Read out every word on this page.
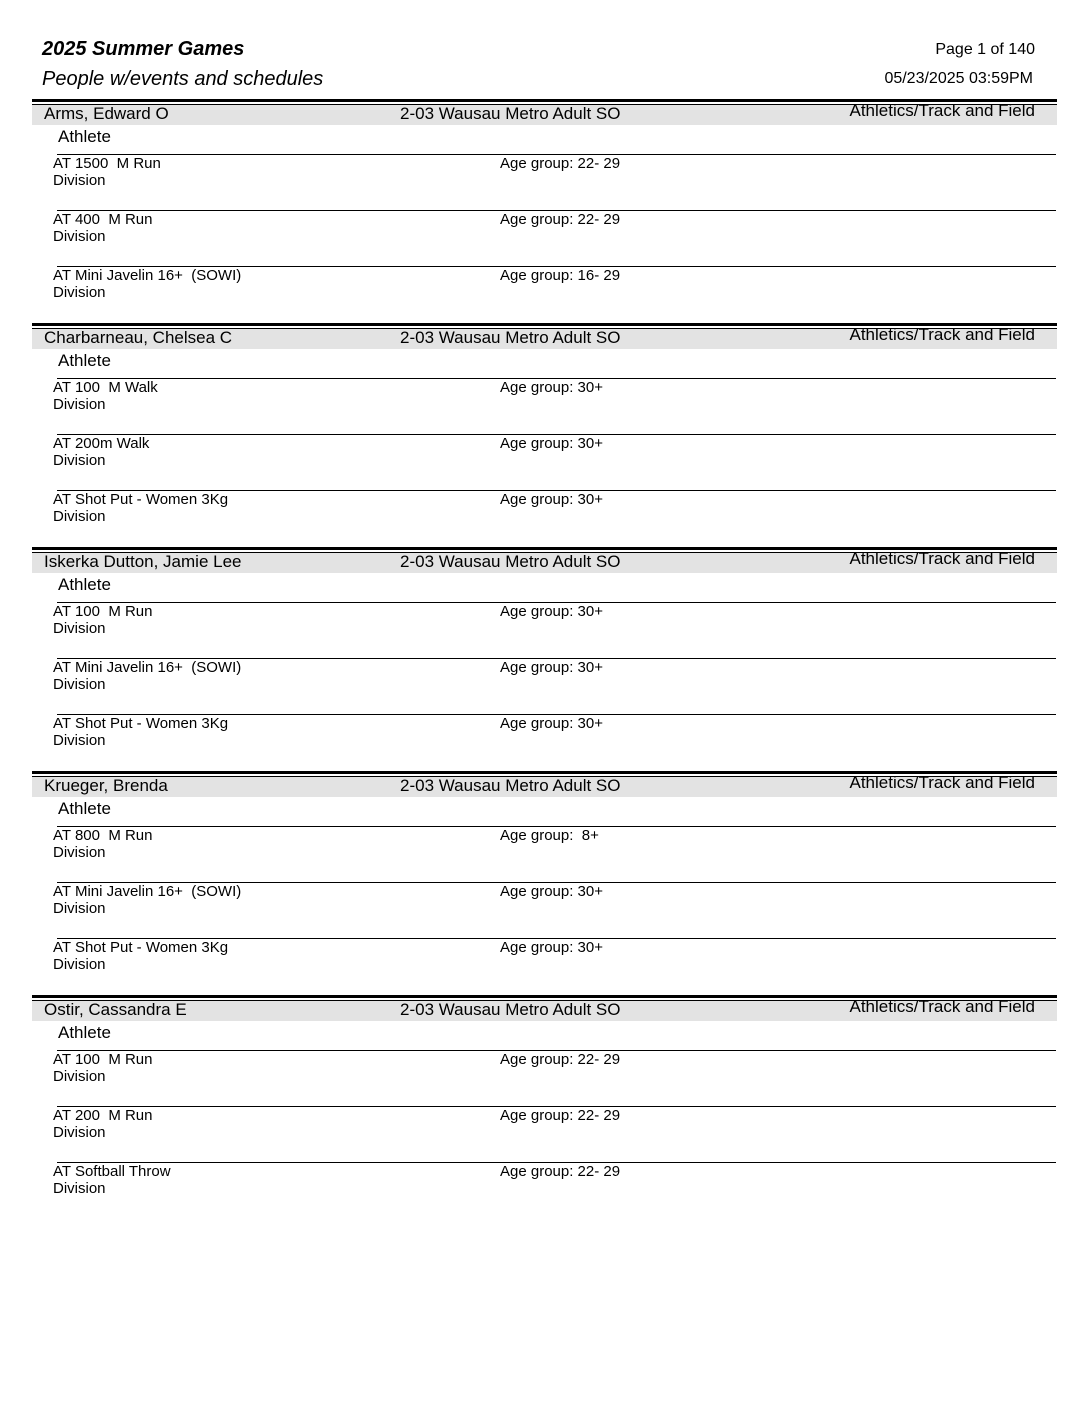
2025 Summer Games
People w/events and schedules
Page 1 of 140
05/23/2025 03:59PM
Arms, Edward O	2-03 Wausau Metro Adult SO	Athletics/Track and Field
Athlete
AT 1500  M Run
Division
Age group: 22- 29
AT 400  M Run
Division
Age group: 22- 29
AT Mini Javelin 16+  (SOWI)
Division
Age group: 16- 29
Charbarneau, Chelsea C	2-03 Wausau Metro Adult SO	Athletics/Track and Field
Athlete
AT 100  M Walk
Division
Age group: 30+
AT 200m Walk
Division
Age group: 30+
AT Shot Put - Women 3Kg
Division
Age group: 30+
Iskerka Dutton, Jamie Lee	2-03 Wausau Metro Adult SO	Athletics/Track and Field
Athlete
AT 100  M Run
Division
Age group: 30+
AT Mini Javelin 16+  (SOWI)
Division
Age group: 30+
AT Shot Put - Women 3Kg
Division
Age group: 30+
Krueger, Brenda	2-03 Wausau Metro Adult SO	Athletics/Track and Field
Athlete
AT 800  M Run
Division
Age group:  8+
AT Mini Javelin 16+  (SOWI)
Division
Age group: 30+
AT Shot Put - Women 3Kg
Division
Age group: 30+
Ostir, Cassandra E	2-03 Wausau Metro Adult SO	Athletics/Track and Field
Athlete
AT 100  M Run
Division
Age group: 22- 29
AT 200  M Run
Division
Age group: 22- 29
AT Softball Throw
Division
Age group: 22- 29
